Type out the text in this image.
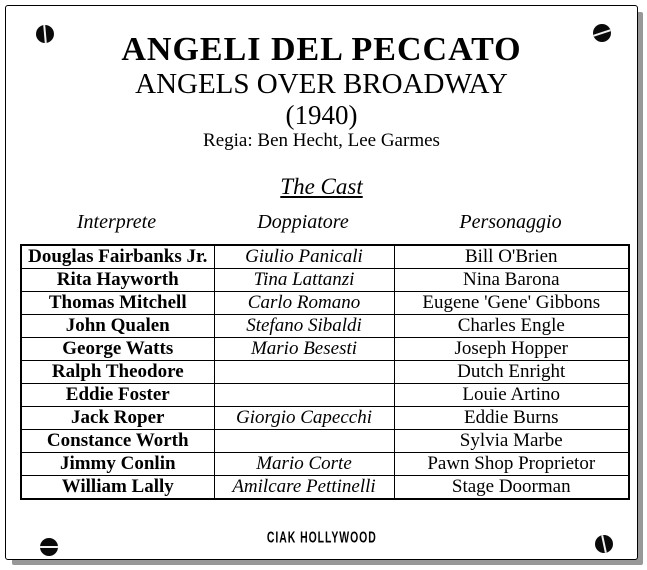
ANGELI DEL PECCATO
ANGELS OVER BROADWAY
(1940)
Regia: Ben Hecht, Lee Garmes
The Cast
Interprete	Doppiatore	Personaggio
Douglas Fairbanks Jr.	Giulio Panicali	Bill O'Brien
Rita Hayworth	Tina Lattanzi	Nina Barona
Thomas Mitchell	Carlo Romano	Eugene 'Gene' Gibbons
John Qualen	Stefano Sibaldi	Charles Engle
George Watts	Mario Besesti	Joseph Hopper
Ralph Theodore		Dutch Enright
Eddie Foster		Louie Artino
Jack Roper	Giorgio Capecchi	Eddie Burns
Constance Worth		Sylvia Marbe
Jimmy Conlin	Mario Corte	Pawn Shop Proprietor
William Lally	Amilcare Pettinelli	Stage Doorman
CIAK HOLLYWOOD
